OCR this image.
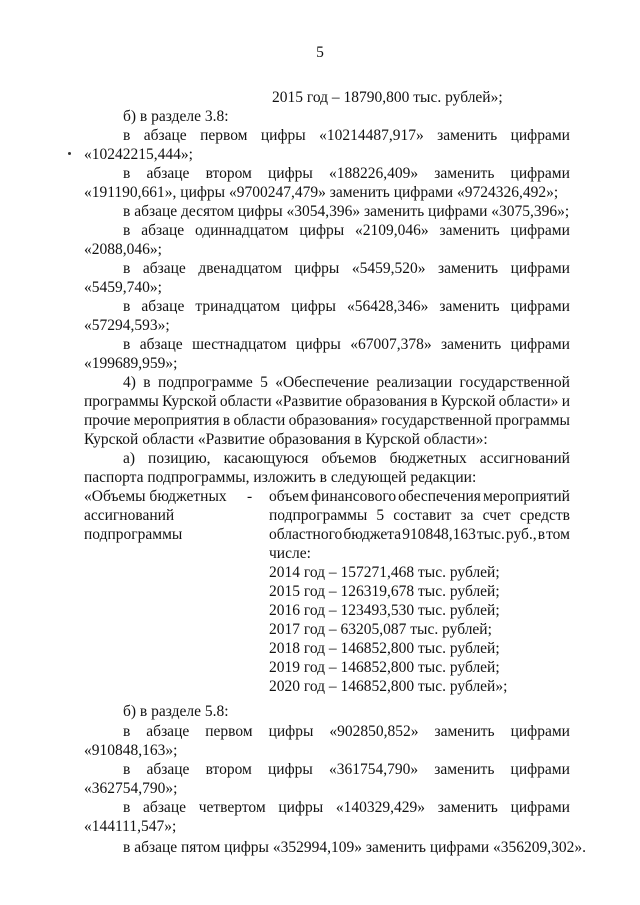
5
2015 год – 18790,800 тыс. рублей»;
б) в разделе 3.8:
в абзаце первом цифры «10214487,917» заменить цифрами
«10242215,444»;
в абзаце втором цифры «188226,409» заменить цифрами
«191190,661», цифры «9700247,479» заменить цифрами «9724326,492»;
в абзаце десятом цифры «3054,396» заменить цифрами «3075,396»;
в абзаце одиннадцатом цифры «2109,046» заменить цифрами
«2088,046»;
в абзаце двенадцатом цифры «5459,520» заменить цифрами
«5459,740»;
в абзаце тринадцатом цифры «56428,346» заменить цифрами
«57294,593»;
в абзаце шестнадцатом цифры «67007,378» заменить цифрами
«199689,959»;
4) в подпрограмме 5 «Обеспечение реализации государственной
программы Курской области «Развитие образования в Курской области» и
прочие мероприятия в области образования» государственной программы
Курской области «Развитие образования в Курской области»:
а) позицию, касающуюся объемов бюджетных ассигнований
паспорта подпрограммы, изложить в следующей редакции:
«Объемы бюджетных
ассигнований
подпрограммы
- объем финансового обеспечения мероприятий
подпрограммы 5 составит за счет средств
областного бюджета 910848,163 тыс. руб., в том
числе:
2014 год – 157271,468 тыс. рублей;
2015 год – 126319,678 тыс. рублей;
2016 год – 123493,530 тыс. рублей;
2017 год – 63205,087 тыс. рублей;
2018 год – 146852,800 тыс. рублей;
2019 год – 146852,800 тыс. рублей;
2020 год – 146852,800 тыс. рублей»;
б) в разделе 5.8:
в абзаце первом цифры «902850,852» заменить цифрами
«910848,163»;
в абзаце втором цифры «361754,790» заменить цифрами
«362754,790»;
в абзаце четвертом цифры «140329,429» заменить цифрами
«144111,547»;
в абзаце пятом цифры «352994,109» заменить цифрами «356209,302».
